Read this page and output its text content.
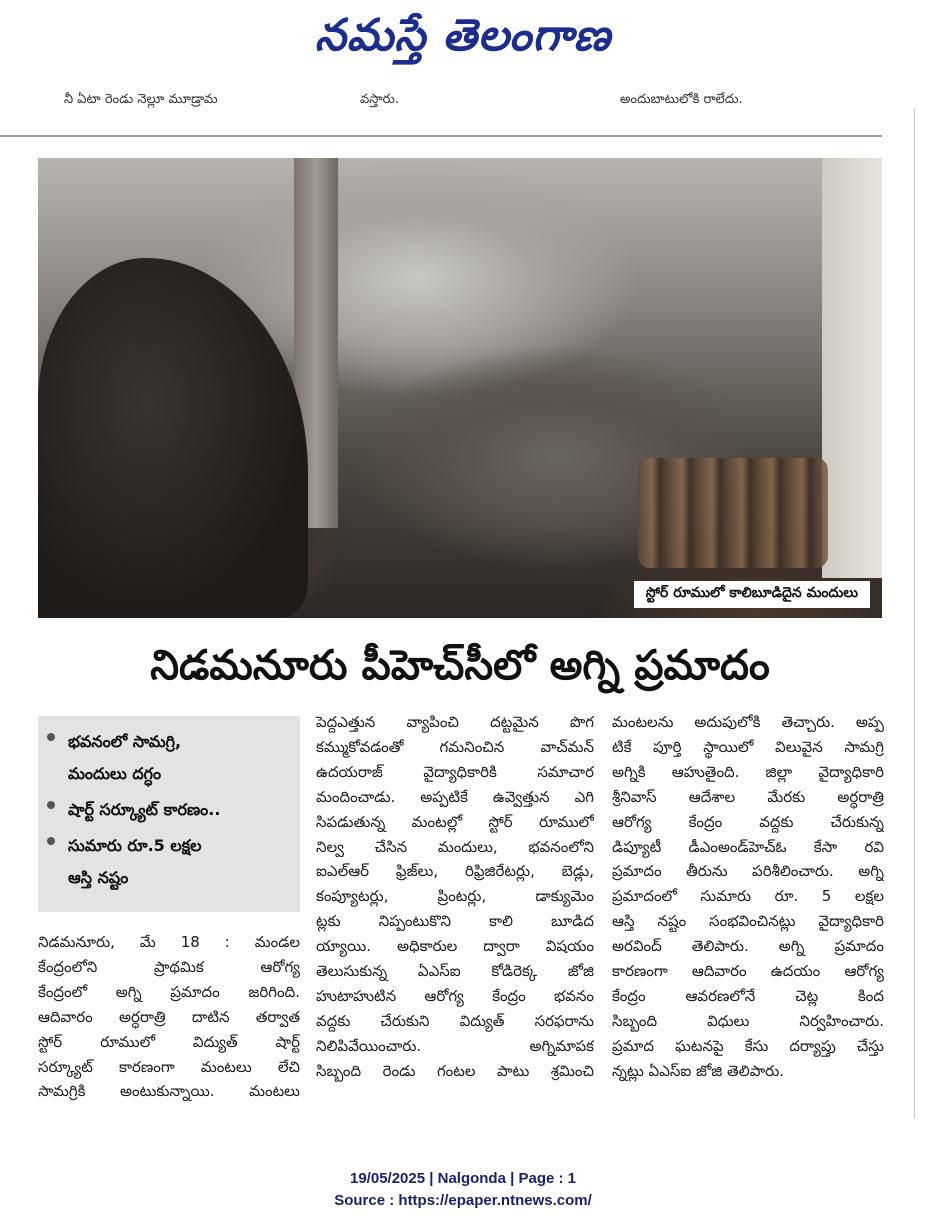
నమస్తే తెలంగాణ
నీ ఏటా రెండు నెల్లూ మూడ్రామ	వస్తారు.	అందుబాటులోకి రాలేదు.
స్టోర్ రూములో కాలిబూడిదైన మందులు
నిడమనూరు పీహెచ్‌సీలో అగ్ని ప్రమాదం
భవనంలో సామగ్రి,
మందులు దగ్ధం
షార్ట్ సర్క్యూట్ కారణం..
సుమారు రూ.5 లక్షల
ఆస్తి నష్టం
నిడమనూరు, మే 18 : మండల
కేంద్రంలోని ప్రాథమిక ఆరోగ్య
కేంద్రంలో అగ్ని ప్రమాదం జరిగింది.
ఆదివారం అర్ధరాత్రి దాటిన తర్వాత
స్టోర్ రూములో విద్యుత్ షార్ట్
సర్క్యూట్ కారణంగా మంటలు లేచి
సామగ్రికి అంటుకున్నాయి. మంటలు
పెద్దఎత్తున వ్యాపించి దట్టమైన పొగ
కమ్ముకోవడంతో గమనించిన వాచ్‌మన్
ఉదయరాజ్ వైద్యాధికారికి సమాచార
మందించాడు. అప్పటికే ఉవ్వెత్తున ఎగి
సిపడుతున్న మంటల్లో స్టోర్ రూములో
నిల్వ చేసిన మందులు, భవనంలోని
ఐఎల్ఆర్ ఫ్రిజ్‌లు, రిఫ్రిజిరేటర్లు, బెడ్లు,
కంప్యూటర్లు, ప్రింటర్లు, డాక్యుమెం
ట్లకు నిప్పంటుకొని కాలి బూడిద
య్యాయి. అధికారుల ద్వారా విషయం
తెలుసుకున్న ఏఎస్ఐ కోడిరెక్క జోజి
హుటాహుటిన ఆరోగ్య కేంద్రం భవనం
వద్దకు చేరుకుని విద్యుత్ సరఫరాను
నిలిపివేయించారు. అగ్నిమాపక
సిబ్బంది రెండు గంటల పాటు శ్రమించి
మంటలను అదుపులోకి తెచ్చారు. అప్ప
టికే పూర్తి స్థాయిలో విలువైన సామగ్రి
అగ్నికి ఆహుతైంది. జిల్లా వైద్యాధికారి
శ్రీనివాస్ ఆదేశాల మేరకు అర్ధరాత్రి
ఆరోగ్య కేంద్రం వద్దకు చేరుకున్న
డిప్యూటీ డీఎంఅండ్‌హెచ్‌ఓ కేసా రవి
ప్రమాదం తీరును పరిశీలించారు. అగ్ని
ప్రమాదంలో సుమారు రూ. 5 లక్షల
ఆస్తి నష్టం సంభవించినట్లు వైద్యాధికారి
అరవింద్ తెలిపారు. అగ్ని ప్రమాదం
కారణంగా ఆదివారం ఉదయం ఆరోగ్య
కేంద్రం ఆవరణలోనే చెట్ల కింద
సిబ్బంది విధులు నిర్వహించారు.
ప్రమాద ఘటనపై కేసు దర్యాప్తు చేస్తు
న్నట్లు ఏఎస్ఐ జోజి తెలిపారు.
19/05/2025 | Nalgonda | Page : 1
Source : https://epaper.ntnews.com/
